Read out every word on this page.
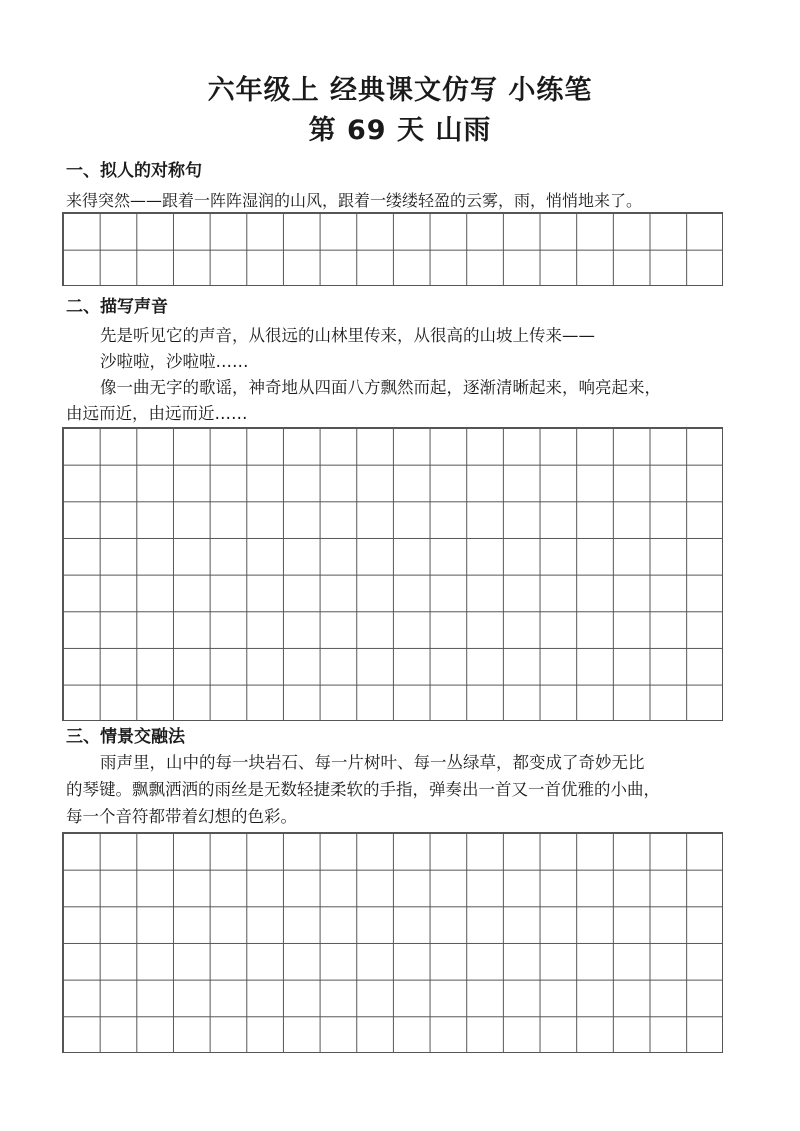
六年级上 经典课文仿写 小练笔
第 69 天 山雨
一、拟人的对称句
来得突然——跟着一阵阵湿润的山风，跟着一缕缕轻盈的云雾，雨，悄悄地来了。
二、描写声音
先是听见它的声音，从很远的山林里传来，从很高的山坡上传来——
沙啦啦，沙啦啦……
像一曲无字的歌谣，神奇地从四面八方飘然而起，逐渐清晰起来，响亮起来，
由远而近，由远而近……
三、情景交融法
雨声里，山中的每一块岩石、每一片树叶、每一丛绿草，都变成了奇妙无比
的琴键。飘飘洒洒的雨丝是无数轻捷柔软的手指，弹奏出一首又一首优雅的小曲，
每一个音符都带着幻想的色彩。
